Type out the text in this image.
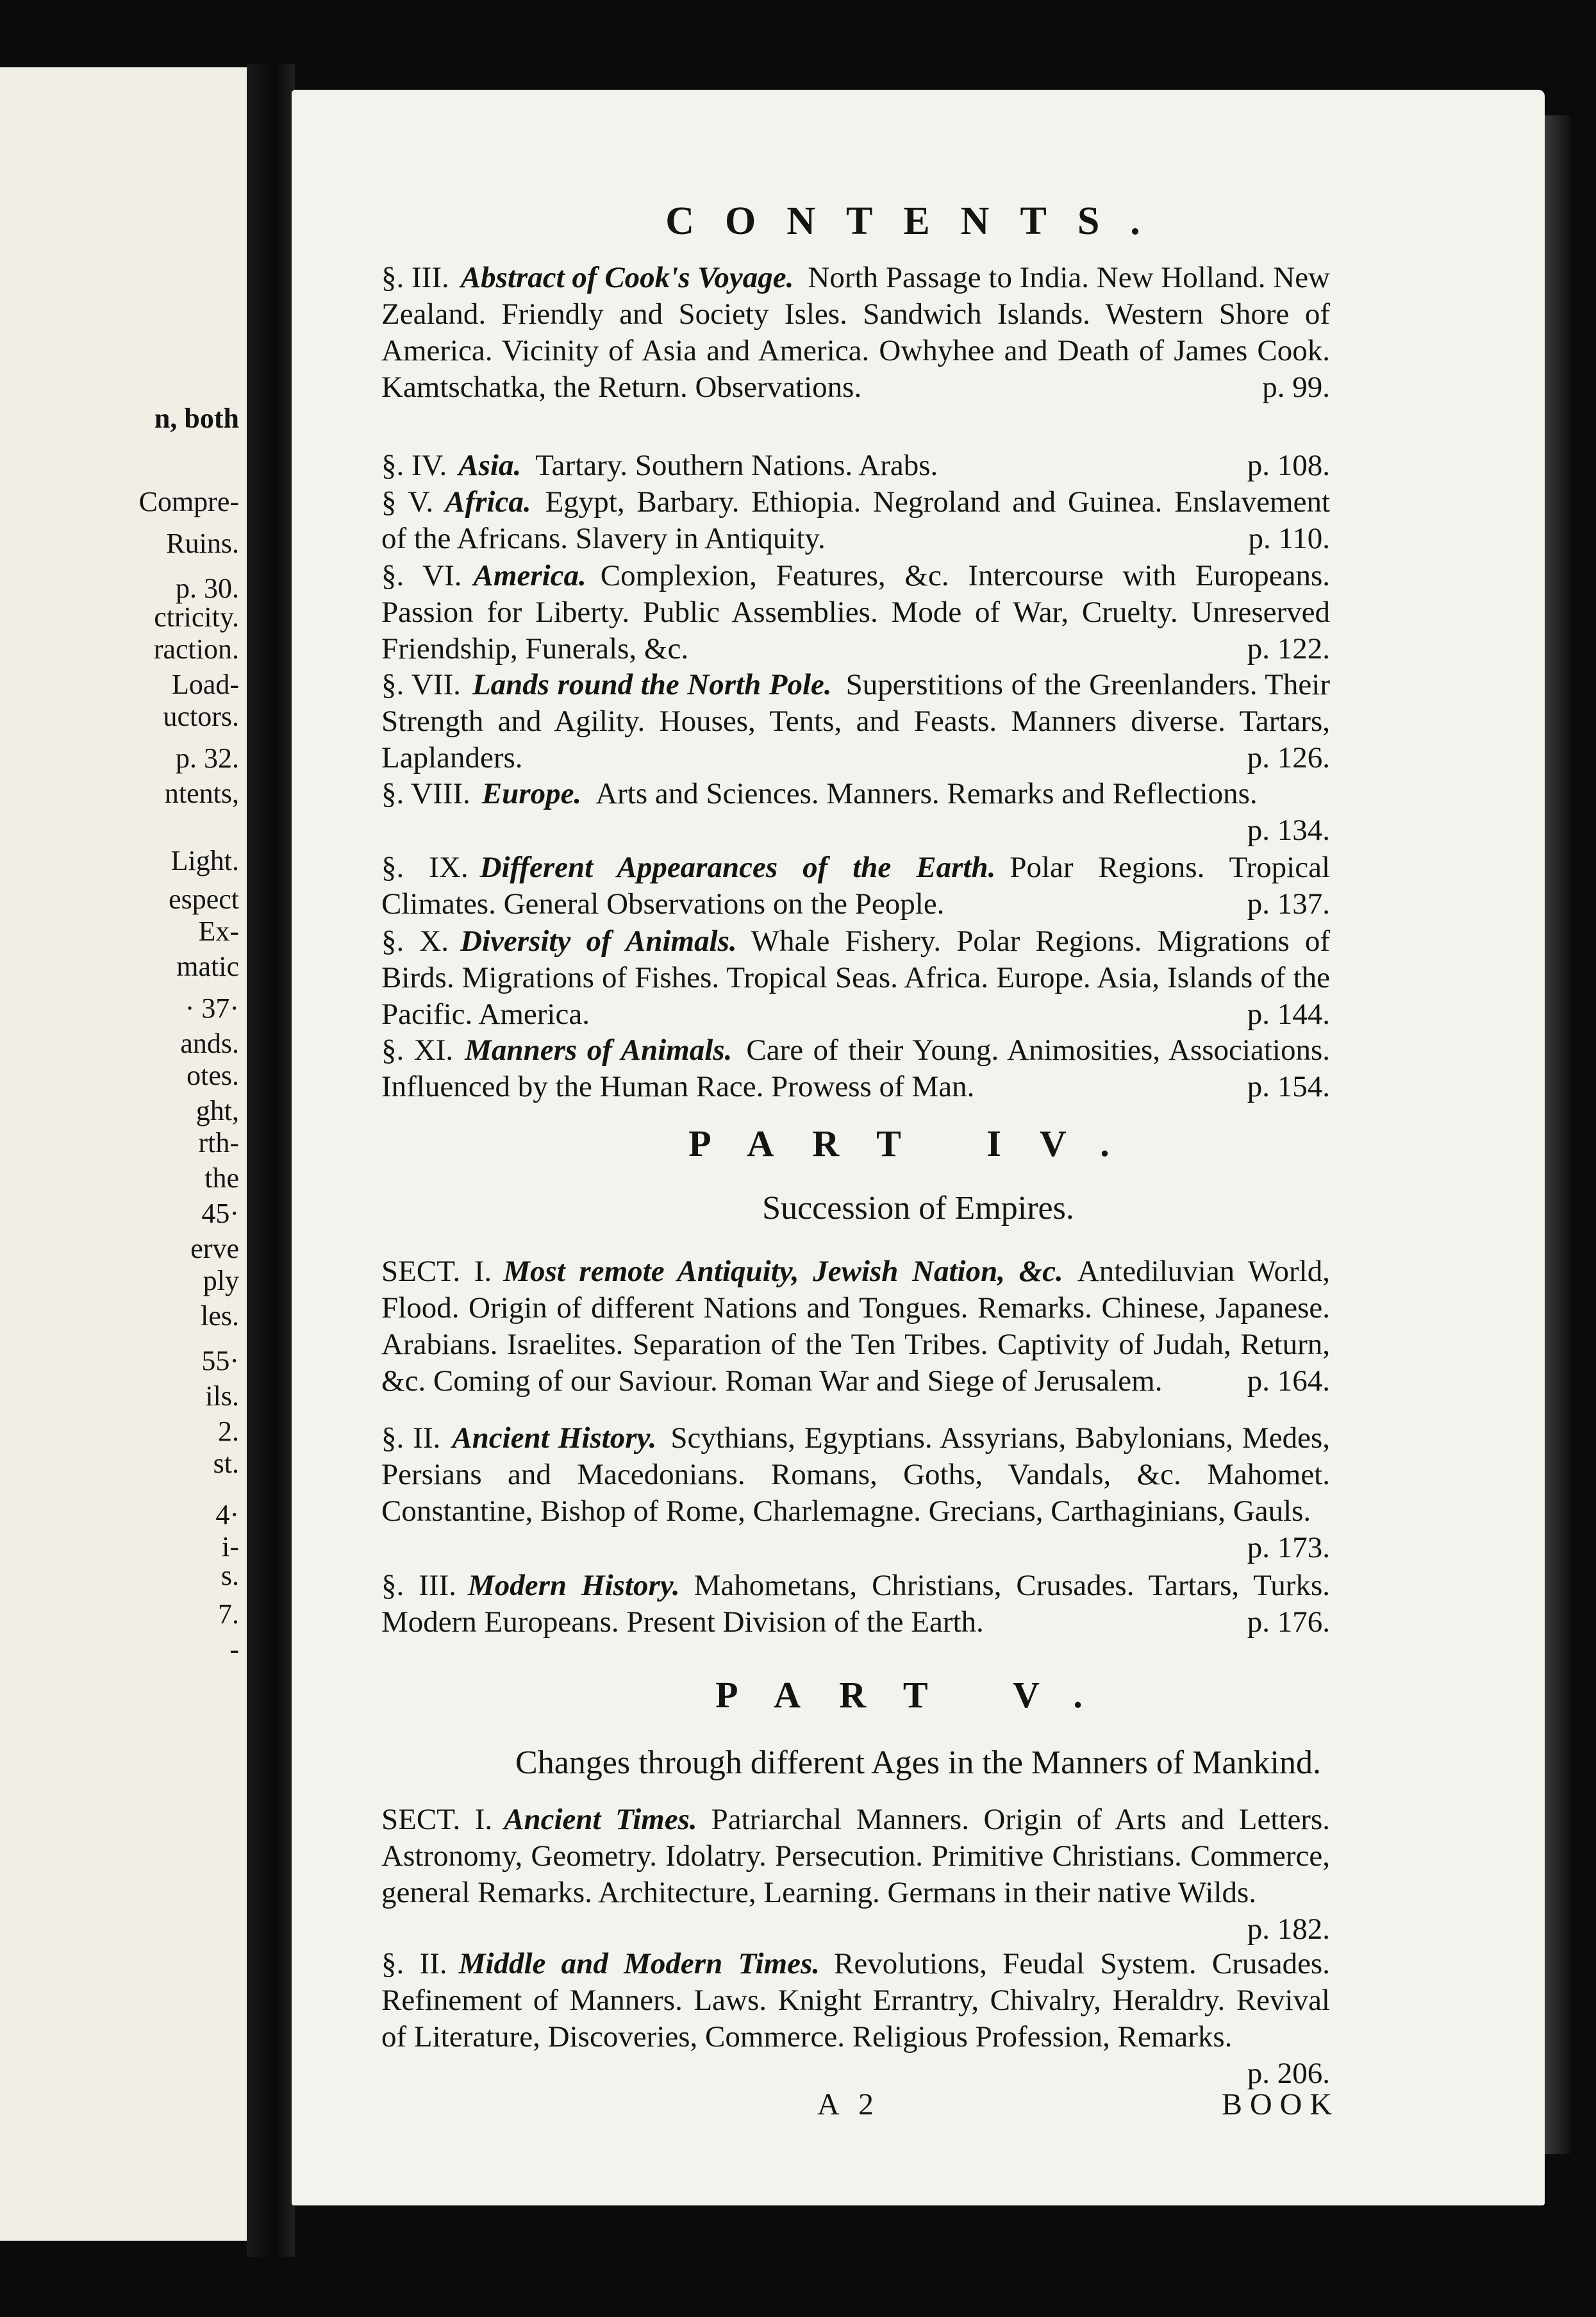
n, both
Compre-
Ruins.
p. 30.
ctricity.
raction.
Load-
uctors.
p. 32.
ntents,
Light.
espect
Ex-
matic
· 37·
ands.
otes.
ght,
rth-
the
45·
erve
ply
les.
55·
ils.
2.
st.
4·
i-
s.
7.
-
CONTENTS.
§. III. Abstract of Cook's Voyage. North Passage to India. New Holland. New Zealand. Friendly and Society Isles. Sandwich Islands. Western Shore of America. Vicinity of Asia and America. Owhyhee and Death of James Cook. Kamtschatka, the Return. Observations.	p. 99.
§. IV. Asia. Tartary. Southern Nations. Arabs.	p. 108.
§ V. Africa. Egypt, Barbary. Ethiopia. Negroland and Guinea. Enslavement of the Africans. Slavery in Antiquity.	p. 110.
§. VI. America. Complexion, Features, &c. Intercourse with Europeans. Passion for Liberty. Public Assemblies. Mode of War, Cruelty. Unreserved Friendship, Funerals, &c.	p. 122.
§. VII. Lands round the North Pole. Superstitions of the Greenlanders. Their Strength and Agility. Houses, Tents, and Feasts. Manners diverse. Tartars, Laplanders.	p. 126.
§. VIII. Europe. Arts and Sciences. Manners. Remarks and Reflections.
p. 134.
§. IX. Different Appearances of the Earth. Polar Regions. Tropical Climates. General Observations on the People.	p. 137.
§. X. Diversity of Animals. Whale Fishery. Polar Regions. Migrations of Birds. Migrations of Fishes. Tropical Seas. Africa. Europe. Asia, Islands of the Pacific. America.	p. 144.
§. XI. Manners of Animals. Care of their Young. Animosities, Associations. Influenced by the Human Race. Prowess of Man.	p. 154.
PART IV.
Succession of Empires.
SECT. I. Most remote Antiquity, Jewish Nation, &c. Antediluvian World, Flood. Origin of different Nations and Tongues. Remarks. Chinese, Japanese. Arabians. Israelites. Separation of the Ten Tribes. Captivity of Judah, Return, &c. Coming of our Saviour. Roman War and Siege of Jerusalem.	p. 164.
§. II. Ancient History. Scythians, Egyptians. Assyrians, Babylonians, Medes, Persians and Macedonians. Romans, Goths, Vandals, &c. Mahomet. Constantine, Bishop of Rome, Charlemagne. Grecians, Carthaginians, Gauls.
p. 173.
§. III. Modern History. Mahometans, Christians, Crusades. Tartars, Turks. Modern Europeans. Present Division of the Earth.	p. 176.
PART V.
Changes through different Ages in the Manners of Mankind.
SECT. I. Ancient Times. Patriarchal Manners. Origin of Arts and Letters. Astronomy, Geometry. Idolatry. Persecution. Primitive Christians. Commerce, general Remarks. Architecture, Learning. Germans in their native Wilds.
p. 182.
§. II. Middle and Modern Times. Revolutions, Feudal System. Crusades. Refinement of Manners. Laws. Knight Errantry, Chivalry, Heraldry. Revival of Literature, Discoveries, Commerce. Religious Profession, Remarks.
p. 206.
A 2	BOOK
